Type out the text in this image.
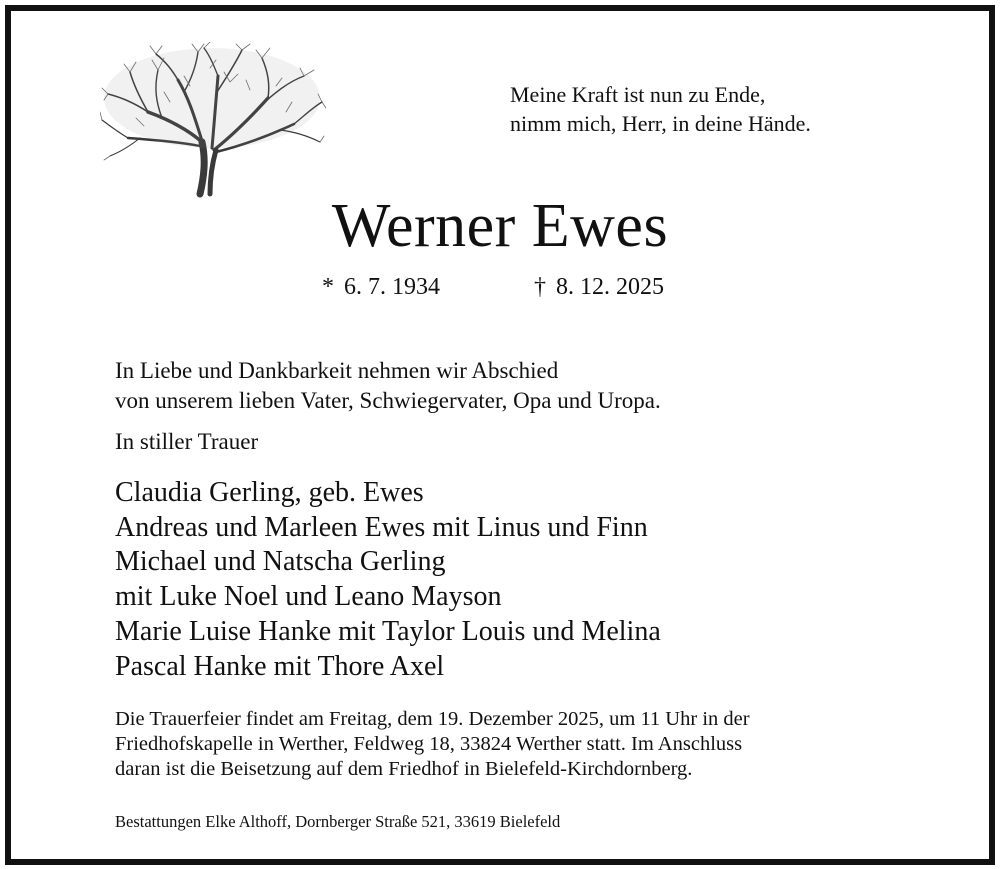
Meine Kraft ist nun zu Ende,
nimm mich, Herr, in deine Hände.
Werner Ewes
* 6. 7. 1934	† 8. 12. 2025
In Liebe und Dankbarkeit nehmen wir Abschied
von unserem lieben Vater, Schwiegervater, Opa und Uropa.
In stiller Trauer
Claudia Gerling, geb. Ewes
Andreas und Marleen Ewes mit Linus und Finn
Michael und Natscha Gerling
mit Luke Noel und Leano Mayson
Marie Luise Hanke mit Taylor Louis und Melina
Pascal Hanke mit Thore Axel
Die Trauerfeier findet am Freitag, dem 19. Dezember 2025, um 11 Uhr in der
Friedhofskapelle in Werther, Feldweg 18, 33824 Werther statt. Im Anschluss
daran ist die Beisetzung auf dem Friedhof in Bielefeld-Kirchdornberg.
Bestattungen Elke Althoff, Dornberger Straße 521, 33619 Bielefeld
